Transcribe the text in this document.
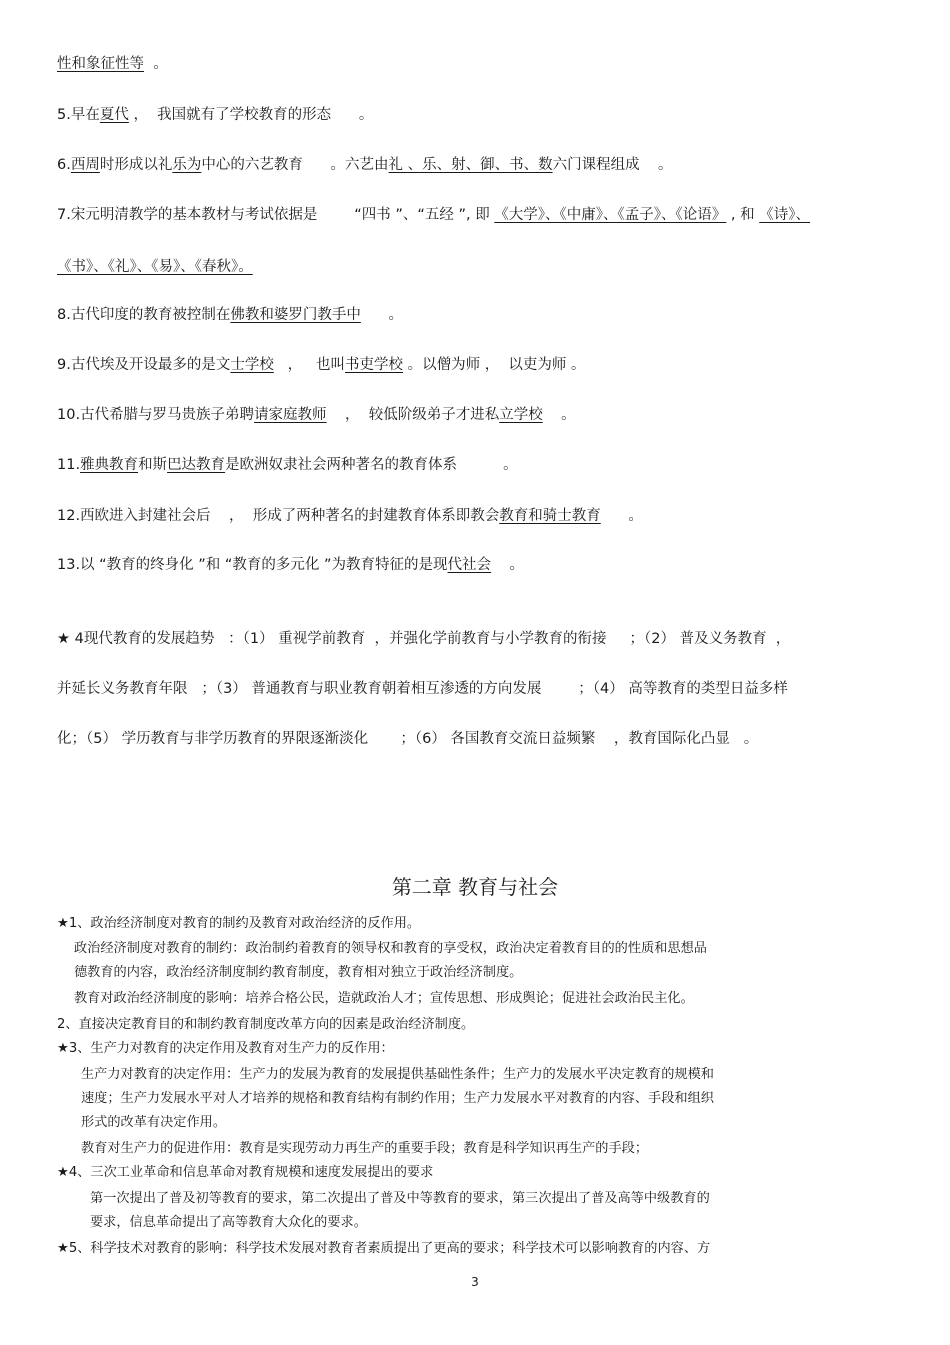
性和象征性等  。
5.早在夏代 ，  我国就有了学校教育的形态      。
6.西周时形成以礼乐为中心的六艺教育      。六艺由礼 、乐、射、御、书、数六门课程组成    。
7.宋元明清教学的基本教材与考试依据是        “四书 ”、“五经 ”, 即 《大学》、《中庸》、《孟子》、《论语》 , 和 《诗》、
《书》、《礼》、《易》、《春秋》。
8.古代印度的教育被控制在佛教和婆罗门教手中      。
9.古代埃及开设最多的是文士学校   ，   也叫书吏学校 。以僧为师 ，  以吏为师 。
10.古代希腊与罗马贵族子弟聘请家庭教师    ，  较低阶级弟子才进私立学校    。
11.雅典教育和斯巴达教育是欧洲奴隶社会两种著名的教育体系          。
12.西欧进入封建社会后    ，  形成了两种著名的封建教育体系即教会教育和骑士教育      。
13.以 “教育的终身化 ”和 “教育的多元化 ”为教育特征的是现代社会    。
★ 4现代教育的发展趋势   ：（1） 重视学前教育  ，并强化学前教育与小学教育的衔接     ；（2） 普及义务教育  ，
并延长义务教育年限   ；（3） 普通教育与职业教育朝着相互渗透的方向发展        ；（4） 高等教育的类型日益多样
化；（5） 学历教育与非学历教育的界限逐渐淡化       ；（6） 各国教育交流日益频繁    ，教育国际化凸显   。
第二章 教育与社会
★1、政治经济制度对教育的制约及教育对政治经济的反作用。
政治经济制度对教育的制约：政治制约着教育的领导权和教育的享受权，政治决定着教育目的的性质和思想品
德教育的内容，政治经济制度制约教育制度，教育相对独立于政治经济制度。
教育对政治经济制度的影响：培养合格公民，造就政治人才；宣传思想、形成舆论；促进社会政治民主化。
2、直接决定教育目的和制约教育制度改革方向的因素是政治经济制度。
★3、生产力对教育的决定作用及教育对生产力的反作用：
生产力对教育的决定作用：生产力的发展为教育的发展提供基础性条件；生产力的发展水平决定教育的规模和
速度；生产力发展水平对人才培养的规格和教育结构有制约作用；生产力发展水平对教育的内容、手段和组织
形式的改革有决定作用。
教育对生产力的促进作用：教育是实现劳动力再生产的重要手段；教育是科学知识再生产的手段；
★4、三次工业革命和信息革命对教育规模和速度发展提出的要求
第一次提出了普及初等教育的要求，第二次提出了普及中等教育的要求，第三次提出了普及高等中级教育的
要求，信息革命提出了高等教育大众化的要求。
★5、科学技术对教育的影响：科学技术发展对教育者素质提出了更高的要求；科学技术可以影响教育的内容、方
3
